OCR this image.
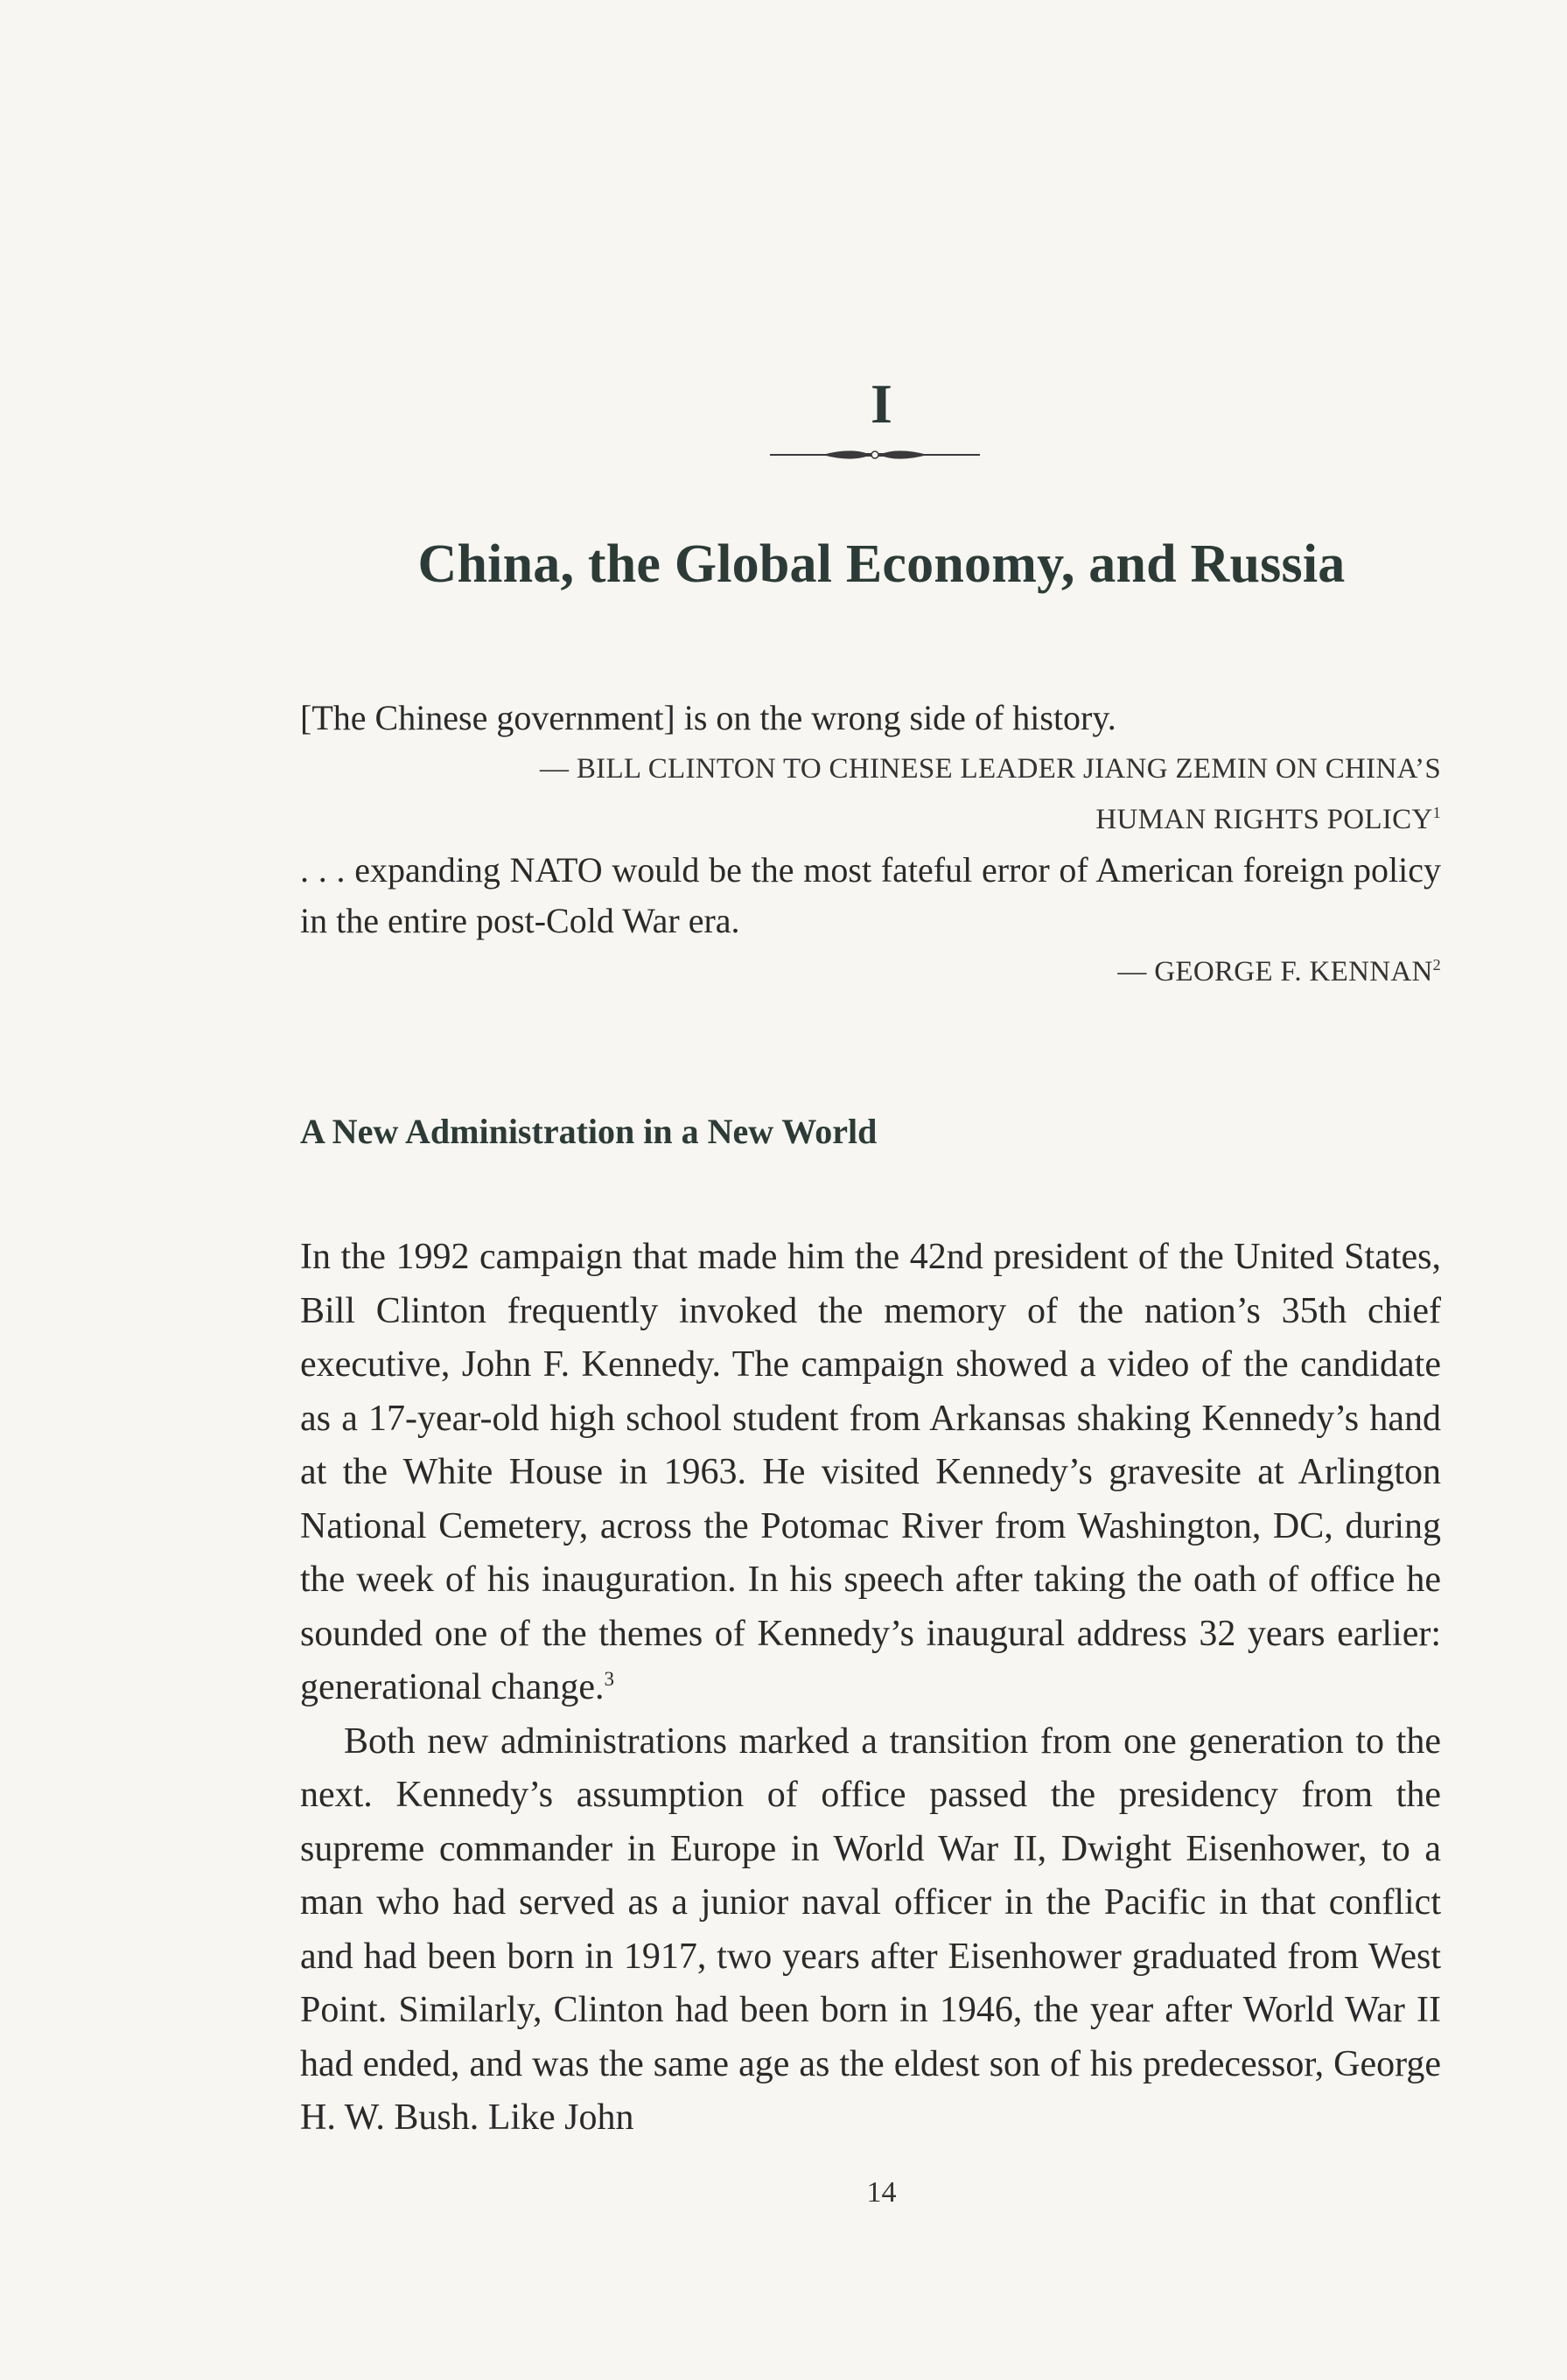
I
China, the Global Economy, and Russia

[The Chinese government] is on the wrong side of history.

— BILL CLINTON TO CHINESE LEADER JIANG ZEMIN ON CHINA’S
HUMAN RIGHTS POLICY$^1$

. . . expanding NATO would be the most fateful error of American foreign policy in the entire post-Cold War era.

— GEORGE F. KENNAN$^2$
A New Administration in a New World

In the 1992 campaign that made him the 42nd president of the United States, Bill Clinton frequently invoked the memory of the nation’s 35th chief executive, John F. Kennedy. The campaign showed a video of the candidate as a 17-year-old high school student from Arkansas shaking Kennedy’s hand at the White House in 1963. He visited Kennedy’s gravesite at Arlington National Cemetery, across the Potomac River from Washington, DC, during the week of his inauguration. In his speech after taking the oath of office he sounded one of the themes of Kennedy’s inaugural address 32 years earlier: generational change.$^3$

Both new administrations marked a transition from one generation to the next. Kennedy’s assumption of office passed the presidency from the supreme commander in Europe in World War II, Dwight Eisenhower, to a man who had served as a junior naval officer in the Pacific in that conflict and had been born in 1917, two years after Eisenhower graduated from West Point. Similarly, Clinton had been born in 1946, the year after World War II had ended, and was the same age as the eldest son of his predecessor, George H. W. Bush. Like John

14
